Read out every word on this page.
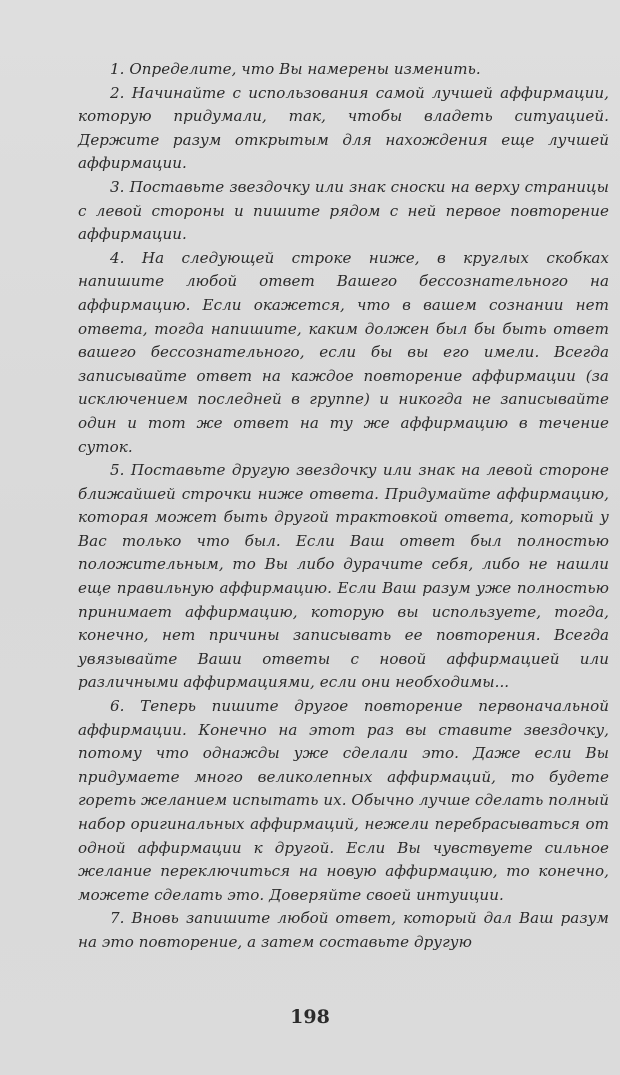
1. Определите, что Вы намерены изменить.

2. Начинайте с использования самой лучшей аффирмации, которую придумали, так, чтобы владеть ситуацией. Держите разум открытым для нахождения еще лучшей аффирмации.

3. Поставьте звездочку или знак сноски на верху страницы с левой стороны и пишите рядом с ней первое повторение аффирмации.

4. На следующей строке ниже, в круглых скобках напишите любой ответ Вашего бессознательного на аффирмацию. Если окажется, что в вашем сознании нет ответа, тогда напишите, каким должен был бы быть ответ вашего бессознательного, если бы вы его имели. Всегда записывайте ответ на каждое повторение аффирмации (за исключением последней в группе) и никогда не записывайте один и тот же ответ на ту же аффирмацию в течение суток.

5. Поставьте другую звездочку или знак на левой стороне ближайшей строчки ниже ответа. Придумайте аффирмацию, которая может быть другой трактовкой ответа, который у Вас только что был. Если Ваш ответ был полностью положительным, то Вы либо дурачите себя, либо не нашли еще правильную аффирмацию. Если Ваш разум уже полностью принимает аффирмацию, которую вы используете, тогда, конечно, нет причины записывать ее повторения. Всегда увязывайте Ваши ответы с новой аффирмацией или различными аффирмациями, если они необходимы...

6. Теперь пишите другое повторение первоначальной аффирмации. Конечно на этот раз вы ставите звездочку, потому что однажды уже сделали это. Даже если Вы придумаете много великолепных аффирмаций, то будете гореть желанием испытать их. Обычно лучше сделать полный набор оригинальных аффирмаций, нежели перебрасываться от одной аффирмации к другой. Если Вы чувствуете сильное желание переключиться на новую аффирмацию, то конечно, можете сделать это. Доверяйте своей интуиции.

7. Вновь запишите любой ответ, который дал Ваш разум на это повторение, а затем составьте другую

198
